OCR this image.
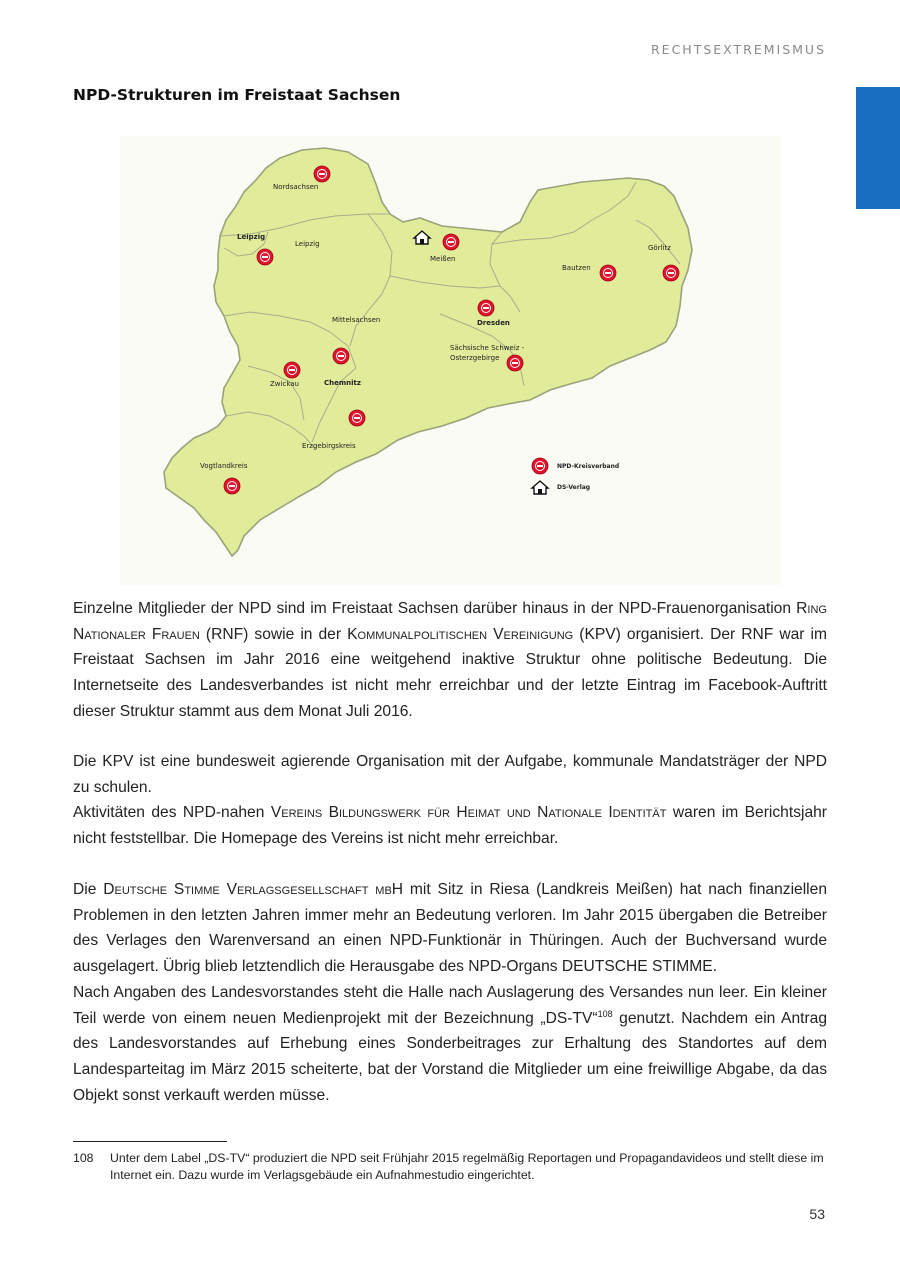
RECHTSEXTREMISMUS
NPD-Strukturen im Freistaat Sachsen
Nordsachsen
Leipzig
Leipzig
Meißen
Bautzen
Görlitz
Mittelsachsen	Dresden
Sächsische Schweiz -
Osterzgebirge
Zwickau	Chemnitz
Erzgebirgskreis
Vogtlandkreis	NPD-Kreisverband
DS-Verlag

Einzelne Mitglieder der NPD sind im Freistaat Sachsen darüber hinaus in der NPD-Frauenorganisation Ring Nationaler Frauen (RNF) sowie in der Kommunalpolitischen Vereinigung (KPV) organisiert. Der RNF war im Freistaat Sachsen im Jahr 2016 eine weitgehend inaktive Struktur ohne politische Bedeutung. Die Internetseite des Landesverbandes ist nicht mehr erreichbar und der letzte Eintrag im Facebook-Auftritt dieser Struktur stammt aus dem Monat Juli 2016.

Die KPV ist eine bundesweit agierende Organisation mit der Aufgabe, kommunale Mandatsträger der NPD zu schulen.

Aktivitäten des NPD-nahen Vereins Bildungswerk für Heimat und Nationale Identität waren im Berichtsjahr nicht feststellbar. Die Homepage des Vereins ist nicht mehr erreichbar.

Die Deutsche Stimme Verlagsgesellschaft mbH mit Sitz in Riesa (Landkreis Meißen) hat nach finanziellen Problemen in den letzten Jahren immer mehr an Bedeutung verloren. Im Jahr 2015 übergaben die Betreiber des Verlages den Warenversand an einen NPD-Funktionär in Thüringen. Auch der Buchversand wurde ausgelagert. Übrig blieb letztendlich die Herausgabe des NPD-Organs DEUTSCHE STIMME.

Nach Angaben des Landesvorstandes steht die Halle nach Auslagerung des Versandes nun leer. Ein kleiner Teil werde von einem neuen Medienprojekt mit der Bezeichnung „DS-TV“$^{108}$ genutzt. Nachdem ein Antrag des Landesvorstandes auf Erhebung eines Sonderbeitrages zur Erhaltung des Standortes auf dem Landesparteitag im März 2015 scheiterte, bat der Vorstand die Mitglieder um eine freiwillige Abgabe, da das Objekt sonst verkauft werden müsse.

108 Unter dem Label „DS-TV“ produziert die NPD seit Frühjahr 2015 regelmäßig Reportagen und Propagandavideos und stellt diese im Internet ein. Dazu wurde im Verlagsgebäude ein Aufnahmestudio eingerichtet.
53
